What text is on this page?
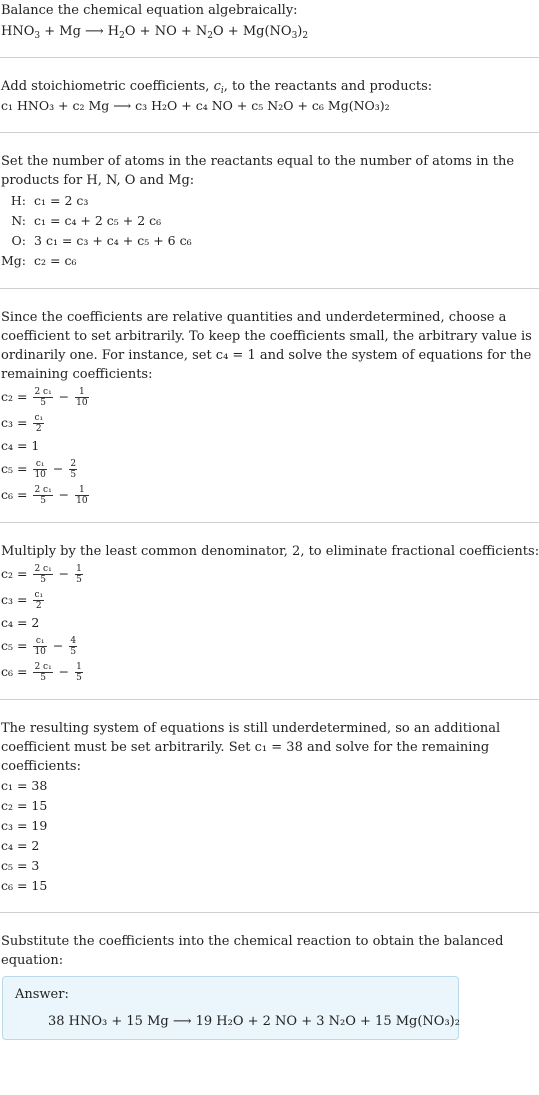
Balance the chemical equation algebraically:
$HNO_3 + Mg$ ⟶ $H_2O$ + NO + $N_2O + Mg(NO_3)_2$
Add stoichiometric coefficients, $c_i$, to the reactants and products:
c₁ HNO₃ + c₂ Mg ⟶ c₃ H₂O + c₄ NO + c₅ N₂O + c₆ Mg(NO₃)₂
Set the number of atoms in the reactants equal to the number of atoms in the products for H, N, O and Mg:
H:	c₁ = 2 c₃
N:	c₁ = c₄ + 2 c₅ + 2 c₆
O:	3 c₁ = c₃ + c₄ + c₅ + 6 c₆
Mg:	c₂ = c₆
Since the coefficients are relative quantities and underdetermined, choose a coefficient to set arbitrarily. To keep the coefficients small, the arbitrary value is ordinarily one. For instance, set c₄ = 1 and solve the system of equations for the remaining coefficients:
$c_2 = \frac{\text{2 c₁}}{5} - \frac{1}{10}$
$c_3 = \frac{\text{c₁}}{2}$
c₄ = 1
$c_5 = \frac{\text{c₁}}{10} - \frac{2}{5}$
$c_6 = \frac{\text{2 c₁}}{5} - \frac{1}{10}$
Multiply by the least common denominator, 2, to eliminate fractional coefficients:
$c_2 = \frac{\text{2 c₁}}{5} - \frac{1}{5}$
$c_3 = \frac{\text{c₁}}{2}$
c₄ = 2
$c_5 = \frac{\text{c₁}}{10} - \frac{4}{5}$
$c_6 = \frac{\text{2 c₁}}{5} - \frac{1}{5}$
The resulting system of equations is still underdetermined, so an additional coefficient must be set arbitrarily. Set c₁ = 38 and solve for the remaining coefficients:
c₁ = 38
c₂ = 15
c₃ = 19
c₄ = 2
c₅ = 3
c₆ = 15
Substitute the coefficients into the chemical reaction to obtain the balanced equation:
Answer:
38 HNO₃ + 15 Mg ⟶ 19 H₂O + 2 NO + 3 N₂O + 15 Mg(NO₃)₂
